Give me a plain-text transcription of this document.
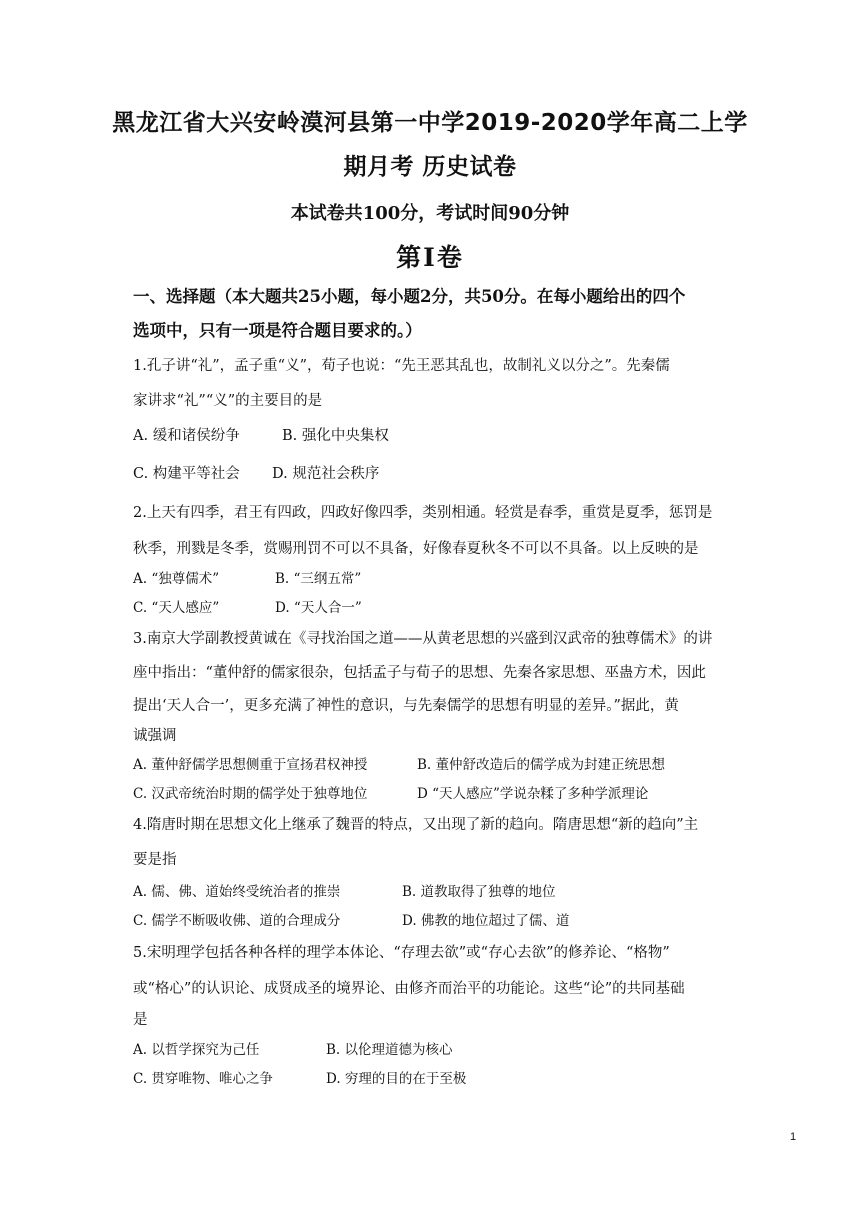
黑龙江省大兴安岭漠河县第一中学2019-2020学年高二上学
期月考 历史试卷
本试卷共100分，考试时间90分钟
第Ⅰ卷
一、选择题（本大题共25小题，每小题2分，共50分。在每小题给出的四个
选项中，只有一项是符合题目要求的。）
1.孔子讲“礼”，孟子重“义”，荀子也说：“先王恶其乱也，故制礼义以分之”。先秦儒
家讲求“礼”“义”的主要目的是
A. 缓和诸侯纷争	B. 强化中央集权
C. 构建平等社会 D. 规范社会秩序
2.上天有四季，君王有四政，四政好像四季，类别相通。轻赏是春季，重赏是夏季，惩罚是
秋季，刑戮是冬季，赏赐刑罚不可以不具备，好像春夏秋冬不可以不具备。以上反映的是
A. “独尊儒术”	B. “三纲五常”
C. “天人感应”	D. “天人合一”
3.南京大学副教授黄诚在《寻找治国之道——从黄老思想的兴盛到汉武帝的独尊儒术》的讲
座中指出：“董仲舒的儒家很杂，包括孟子与荀子的思想、先秦各家思想、巫蛊方术，因此
提出‘天人合一’，更多充满了神性的意识，与先秦儒学的思想有明显的差异。”据此，黄
诚强调
A. 董仲舒儒学思想侧重于宣扬君权神授	B. 董仲舒改造后的儒学成为封建正统思想
C. 汉武帝统治时期的儒学处于独尊地位	D “天人感应”学说杂糅了多种学派理论
4.隋唐时期在思想文化上继承了魏晋的特点，又出现了新的趋向。隋唐思想“新的趋向”主
要是指
A. 儒、佛、道始终受统治者的推崇	B. 道教取得了独尊的地位
C. 儒学不断吸收佛、道的合理成分	D. 佛教的地位超过了儒、道
5.宋明理学包括各种各样的理学本体论、“存理去欲”或“存心去欲”的修养论、“格物”
或“格心”的认识论、成贤成圣的境界论、由修齐而治平的功能论。这些“论”的共同基础
是
A. 以哲学探究为己任	B. 以伦理道德为核心
C. 贯穿唯物、唯心之争	D. 穷理的目的在于至极
1
